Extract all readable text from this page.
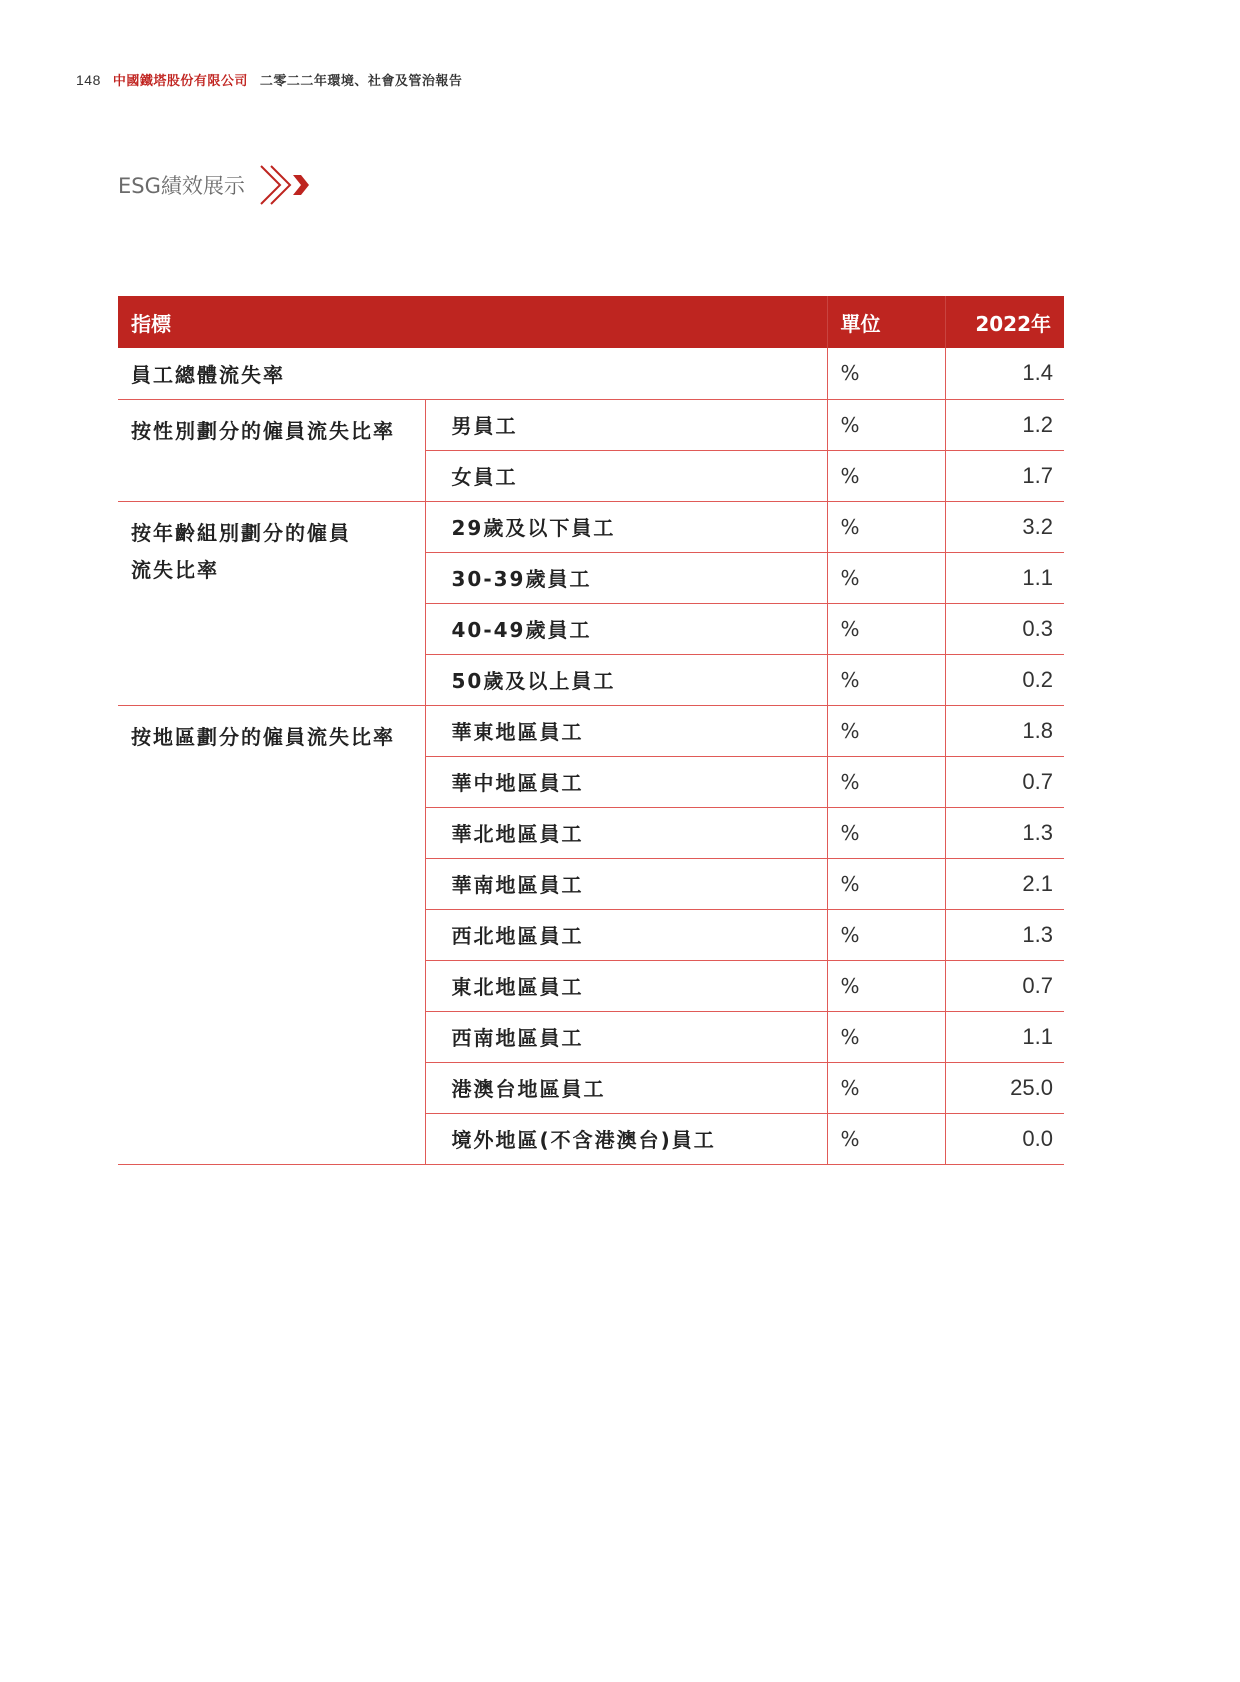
148 中國鐵塔股份有限公司 二零二二年環境、社會及管治報告
ESG績效展示
指標		單位	2022年
員工總體流失率		%	1.4

按性別劃分的僱員流失比率	男員工	%	1.2
	女員工	%	1.7

按年齡組別劃分的僱員
流失比率	29歲及以下員工	%	3.2
	30-39歲員工	%	1.1
	40-49歲員工	%	0.3
	50歲及以上員工	%	0.2

按地區劃分的僱員流失比率	華東地區員工	%	1.8
	華中地區員工	%	0.7
	華北地區員工	%	1.3
	華南地區員工	%	2.1
	西北地區員工	%	1.3
	東北地區員工	%	0.7
	西南地區員工	%	1.1
	港澳台地區員工	%	25.0
	境外地區(不含港澳台)員工	%	0.0
